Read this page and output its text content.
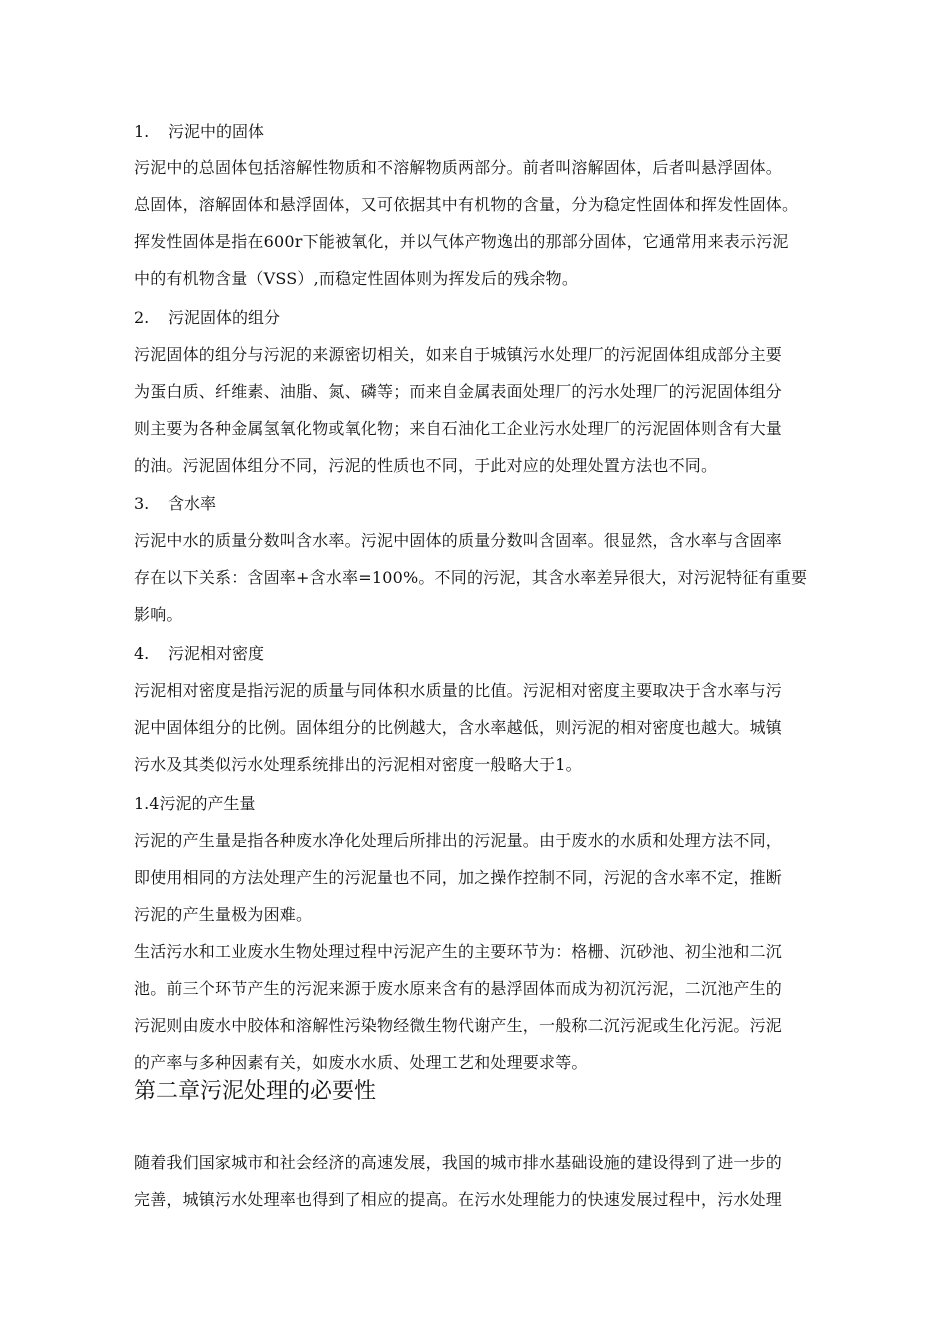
1. 污泥中的固体
污泥中的总固体包括溶解性物质和不溶解物质两部分。前者叫溶解固体，后者叫悬浮固体。
总固体，溶解固体和悬浮固体，又可依据其中有机物的含量，分为稳定性固体和挥发性固体。
挥发性固体是指在600r下能被氧化，并以气体产物逸出的那部分固体，它通常用来表示污泥
中的有机物含量（VSS）,而稳定性固体则为挥发后的残余物。
2. 污泥固体的组分
污泥固体的组分与污泥的来源密切相关，如来自于城镇污水处理厂的污泥固体组成部分主要
为蛋白质、纤维素、油脂、氮、磷等；而来自金属表面处理厂的污水处理厂的污泥固体组分
则主要为各种金属氢氧化物或氧化物；来自石油化工企业污水处理厂的污泥固体则含有大量
的油。污泥固体组分不同，污泥的性质也不同，于此对应的处理处置方法也不同。
3. 含水率
污泥中水的质量分数叫含水率。污泥中固体的质量分数叫含固率。很显然，含水率与含固率
存在以下关系：含固率+含水率=100%。不同的污泥，其含水率差异很大，对污泥特征有重要
影响。
4. 污泥相对密度
污泥相对密度是指污泥的质量与同体积水质量的比值。污泥相对密度主要取决于含水率与污
泥中固体组分的比例。固体组分的比例越大，含水率越低，则污泥的相对密度也越大。城镇
污水及其类似污水处理系统排出的污泥相对密度一般略大于1。
1.4污泥的产生量
污泥的产生量是指各种废水净化处理后所排出的污泥量。由于废水的水质和处理方法不同，
即使用相同的方法处理产生的污泥量也不同，加之操作控制不同，污泥的含水率不定，推断
污泥的产生量极为困难。
生活污水和工业废水生物处理过程中污泥产生的主要环节为：格栅、沉砂池、初尘池和二沉
池。前三个环节产生的污泥来源于废水原来含有的悬浮固体而成为初沉污泥，二沉池产生的
污泥则由废水中胶体和溶解性污染物经微生物代谢产生，一般称二沉污泥或生化污泥。污泥
的产率与多种因素有关，如废水水质、处理工艺和处理要求等。
第二章污泥处理的必要性
随着我们国家城市和社会经济的高速发展，我国的城市排水基础设施的建设得到了进一步的
完善，城镇污水处理率也得到了相应的提高。在污水处理能力的快速发展过程中，污水处理
